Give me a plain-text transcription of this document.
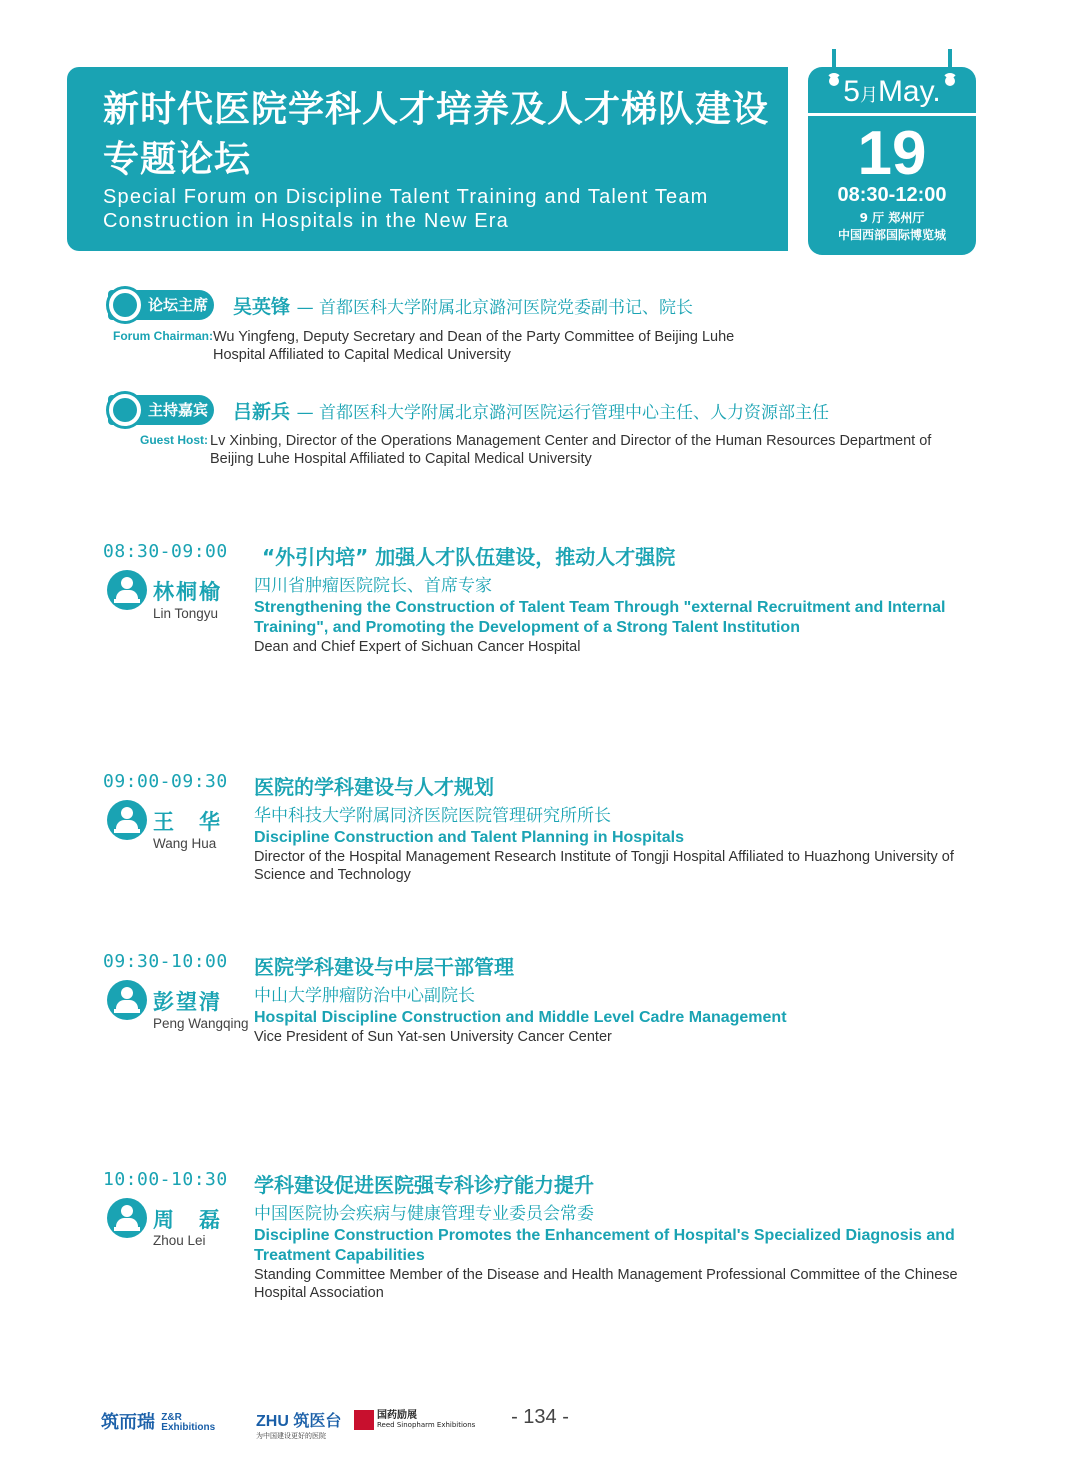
新时代医院学科人才培养及人才梯队建设
专题论坛
Special Forum on Discipline Talent Training and Talent Team
Construction in Hospitals in the New Era
5月May.
19
08:30-12:00
9 厅 郑州厅
中国西部国际博览城
论坛主席	吴英锋 — 首都医科大学附属北京潞河医院党委副书记、院长
Forum Chairman: Wu Yingfeng, Deputy Secretary and Dean of the Party Committee of Beijing Luhe
Hospital Affiliated to Capital Medical University
主持嘉宾	吕新兵 — 首都医科大学附属北京潞河医院运行管理中心主任、人力资源部主任
Guest Host: Lv Xinbing, Director of the Operations Management Center and Director of the Human Resources Department of
Beijing Luhe Hospital Affiliated to Capital Medical University
08:30-09:00
林桐榆
Lin Tongyu
“外引内培” 加强人才队伍建设，推动人才强院
四川省肿瘤医院院长、首席专家
Strengthening the Construction of Talent Team Through "external Recruitment and Internal Training", and Promoting the Development of a Strong Talent Institution
Dean and Chief Expert of Sichuan Cancer Hospital
09:00-09:30
王　华
Wang Hua
医院的学科建设与人才规划
华中科技大学附属同济医院医院管理研究所所长
Discipline Construction and Talent Planning in Hospitals
Director of the Hospital Management Research Institute of Tongji Hospital Affiliated to Huazhong University of Science and Technology
09:30-10:00
彭望清
Peng Wangqing
医院学科建设与中层干部管理
中山大学肿瘤防治中心副院长
Hospital Discipline Construction and Middle Level Cadre Management
Vice President of Sun Yat-sen University Cancer Center
10:00-10:30
周　磊
Zhou Lei
学科建设促进医院强专科诊疗能力提升
中国医院协会疾病与健康管理专业委员会常委
Discipline Construction Promotes the Enhancement of Hospital's Specialized Diagnosis and Treatment Capabilities
Standing Committee Member of the Disease and Health Management Professional Committee of the Chinese Hospital Association
筑而瑞 Z&R
Exhibitions	ZHU 筑医台
为中国建设更好的医院
国药励展
Reed Sinopharm Exhibitions	- 134 -
